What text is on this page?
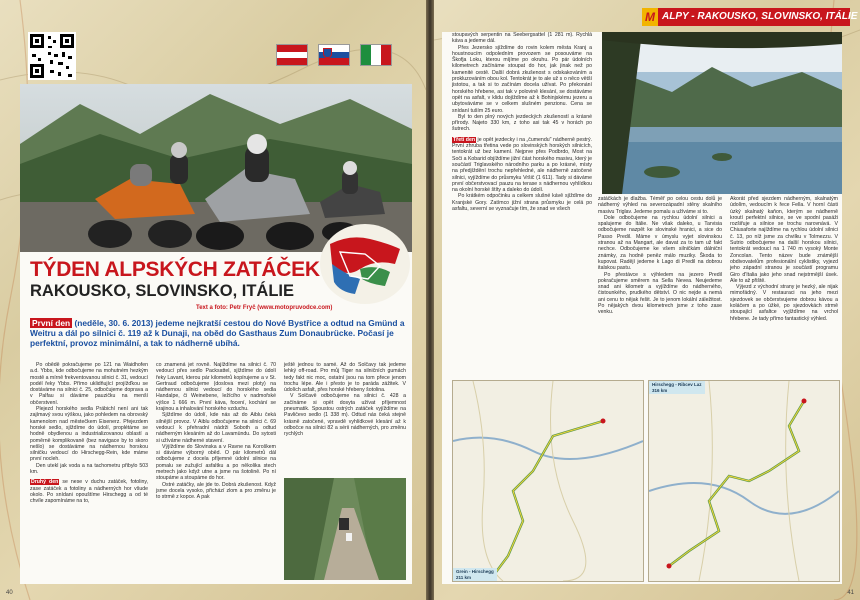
TÝDEN ALPSKÝCH ZATÁČEK
RAKOUSKO, SLOVINSKO, ITÁLIE
Text a foto: Petr Fryč (www.motopruvodce.com)
První den (neděle, 30. 6. 2013) jedeme nejkratší cestou do Nové Bystřice a odtud na Gmünd a Weitru a dál po silnici č. 119 až k Dunaji, na oběd do Gasthaus Zum Donaubrücke. Počasí je perfektní, provoz minimální, a tak to nádherně ubíhá.

Po obědě pokračujeme po 121 na Waidhofen a.d. Ybbs, kde odbočujeme na mohutném hezkým mostě a mírně frekventovanou silnici č. 31, vedoucí podél řeky Ybbs. Přímo uklidňující projížďkou se dostáváme na silnici č. 25, odbočujeme doprava a v Palfau si dáváme pauzičku na menší občerstvení.

Plejezd horského sedla Präbichl není ani tak zajímavý svou výškou, jako pohledem na obrovský kamenolom nad městečkem Eisenerz. Přejezdem horské sedlo, sjíždíme do údolí, proplétáme se hodně obydlenou a industrializovanou oblastí a poměrně komplikovaně (bez navigace by to skoro nešlo) se dostáváme na nádhernou horskou silničku vedoucí do Hirschegg-Rein, kde máme první nocleh.

Den utekl jak voda a na tachometru přibylo 503 km.

Druhý den se nese v duchu zatáček, fotoliny, zase zatáček a fotoliny a nádherných hor všude okolo. Po snídani opouštíme Hirschegg a od té chvíle zapomínáme na to,

co znamená jet rovně. Najíždíme na silnici č. 70 vedoucí přes sedlo Packsattel, sjíždíme do údolí řeky Lavant, kterou pár kilometrů kopírujeme a v St. Gertraud odbočujeme (doslova mezi ploty) na nádhernou silnici vedoucí do horského sedla Handalpe, či Weinebene, ležícího v nadmořské výšce 1 666 m. První káva, focení, kochání se krajinou a inhalování horského vzduchu.

Sjíždíme do údolí, kde nás až do Aiblu čeká silnější provoz. V Aiblu odbočujeme na silnici č. 69 vedoucí k přehradní nádrži Soboth a odtud nádherným klesáním až do Lavamündu. Do sytosti si užíváme nádherné stavení.

Výjíždíme do Slovinska a v Ravne na Koroškem si dáváme výborný oběd. O pár kilometrů dál odbočujeme z docela příjemné údolní silnice na pomalu se zužující asfaltku a po několika stech metrech jako když utne a jsme na šotolině. Po ní stoupáme a stoupáme do hor.

Ostré zatáčky, ale jde to. Dobrá zkušenost. Když jsme docela vysoko, přichází zlom a pro změnu je to strmě z kopce. A pak

ještě jednou to samé. Až do Solčavy tak jedeme lehký off-road. Pro můj Tiger na silničních gumách tedy fakt nic moc, ostatní jsou na tom přece jenom trochu lépe. Ale i přesto je to paráda zážitek. V údolích asfalt, přes horské hřebeny šotolina.

V Solčavě odbočujeme na silnici č. 428 a začínáme si opět dosyta užívat příjemnost pneumatik. Spoustou ostrých zatáček vyjíždíme na Pavličevo sedlo (1 338 m). Odtud nás čeká stejně krásně zatočené, vpravdě vyhlídkové klesání až k odbočce na silnici 82 a sérii nádherných, pro změnu rychlých

40
M ALPY - RAKOUSKO, SLOVINSKO, ITÁLIE

stoupavých serpentin na Seebergsattel (1 281 m). Rychlá káva a jedeme dál.

Přes Jezersko sjíždíme do rovin kolem města Kranj a houstnoucím odpoledním provozem se posouváme na Škofja Loku, kterou míjíme po okruhu. Po pár údolních kilometrech začínáme stoupat do hor, jak jinak než po kamenité cestě. Další dobrá zkušenost s odskakováním a prokluzováním obou kol. Tentokrát je to ale už s o něco větší jistotou, a tak si to začínám docela užívat. Po překonání horského hřebene, asi tak v polovině klesání, se dostáváme opět na asfalt, v klidu dojíždíme až k Bohinjskému jezeru a ubytováváme se v celkem slušném penzionu. Cena se snídaní tuším 25 euro.

Byl to den plný nových jezdeckých zkušeností a krásné přírody. Najeto 330 km, z toho asi tak 45 v horách po šutrech.

Třetí den je opět jezdecky i na „čumendu" nádherně pestrý. První zhruba třetina vede po slovinských horských silnicích, tentokrát už bez kamení. Nejprve přes Podbrdo, Most na Soči a Kobarid objíždíme jižní část horského masivu, který je součástí Triglavského národního parku a po krásné, místy na předjíždění trochu nepřehledné, ale nádherně zatočené silnici, vyjíždíme do průsmyku Vršič (1 611). Tady si dáváme první občerstvovací pauzu na terase s nádhernou vyhlídkou na okolní horské štíty a daleko do údolí.

Po krátkém odpočinku a celkem slušné kávě sjíždíme do Kranjské Gory. Zatímco jižní strana průsmyku je celá po asfaltu, severní se vyznačuje tím, že snad ve všech

zatáčkách je dlažba. Téměř po celou cestu dolů je nádherný výhled na severozápadní stěny skalního masivu Triglav. Jedeme pomalu a užíváme si to.

Dole odbočujeme na rychlou údolní silnici a spalujeme do Itálie. Ne však daleko, u Tarvisia odbočujeme nazpět ke slovinské hranici, a sice do Passo Predil. Máme v úmyslu vyjet slovinskou stranou až na Mangart, ale davat za to tam už fakt nechce. Odbočujeme ke všem silničkám dálniční známky, za hodně peněz málo muziky. Škoda to kupovat. Radějí jedeme k Lago di Predil na dobrou italskou pastu.

Po přestávce s výhledem na jezero Predil pokračujeme směrem na Sella Nevea. Neujedeme snad ani kilometr a vyjíždíme do nádherného, čistounkého, prudkého dětství. O nic nejde a nemá ani cenu to nějak řešit. Je to jenom lokální záležitost. Po nějakých dvou kilometrech jsme z toho zase venku.

Akorát před sjezdem nádherným, skalnatým údolím, vedoucím k řece Fella. V horní části úzký skalnatý kaňon, kterým se nádherně kroutí perfektní silnice, se ve spodní pasáži rozšiřuje a silnice se trochu narovnává. V Chiusaforte najíždíme na rychlou údolní silnici č. 13, po níž jsme za chvilku v Tolmezzu. V Sutrio odbočujeme na další horskou silnici, tentokrát vedoucí na 1 740 m vysoký Monte Zoncolan. Tento název bude známější obdivovatelům profesionální cyklistiky, vyjezd jeho západní stranou je součástí programu Giro d'Italia jako jeho snad nejstrmější úsek. Ale to až přiště.

Výjezd z východní strany je hezký, ale nijak mimořádný. V restauraci na jeho mezi sjezdovek se občerstvujeme dobrou kávou a koláčem a po úžké, po sjezdovkách strmě stoupající asfaltce vyjíždíme na vrchol hřebene. Je tady přímo fantastický výhled.

Grein - Hirschegg
211 km
Hirschegg - Ribcev Laz
316 km
41
